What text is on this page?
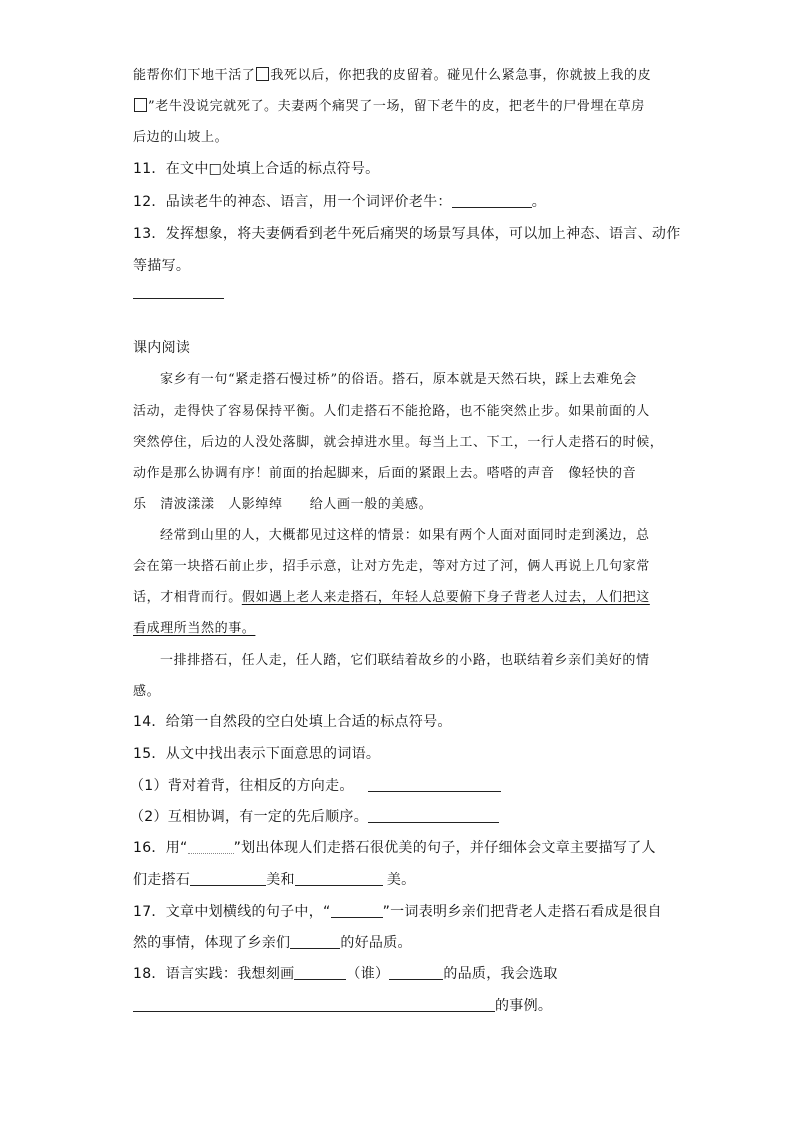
能帮你们下地干活了 我死以后，你把我的皮留着。碰见什么紧急事，你就披上我的皮
”老牛没说完就死了。夫妻两个痛哭了一场，留下老牛的皮，把老牛的尸骨埋在草房
后边的山坡上。
11．在文中□处填上合适的标点符号。
12．品读老牛的神态、语言，用一个词评价老牛：	。
13．发挥想象，将夫妻俩看到老牛死后痛哭的场景写具体，可以加上神态、语言、动作
等描写。
课内阅读
家乡有一句“紧走搭石慢过桥”的俗语。搭石，原本就是天然石块，踩上去难免会
活动，走得快了容易保持平衡。人们走搭石不能抢路，也不能突然止步。如果前面的人
突然停住，后边的人没处落脚，就会掉进水里。每当上工、下工，一行人走搭石的时候，
动作是那么协调有序！前面的抬起脚来，后面的紧跟上去。嗒嗒的声音　像轻快的音
乐　清波漾漾　人影绰绰　　给人画一般的美感。
经常到山里的人，大概都见过这样的情景：如果有两个人面对面同时走到溪边，总
会在第一块搭石前止步，招手示意，让对方先走，等对方过了河，俩人再说上几句家常
话，才相背而行。假如遇上老人来走搭石，年轻人总要俯下身子背老人过去，人们把这
看成理所当然的事。
一排排搭石，任人走，任人踏，它们联结着故乡的小路，也联结着乡亲们美好的情
感。
14．给第一自然段的空白处填上合适的标点符号。
15．从文中找出表示下面意思的词语。
（1）背对着背，往相反的方向走。
（2）互相协调，有一定的先后顺序。
16．用“	”划出体现人们走搭石很优美的句子，并仔细体会文章主要描写了人
们走搭石	美和	美。
17．文章中划横线的句子中，“	”一词表明乡亲们把背老人走搭石看成是很自
然的事情，体现了乡亲们	的好品质。
18．语言实践：我想刻画	（谁）	的品质，我会选取
的事例。
